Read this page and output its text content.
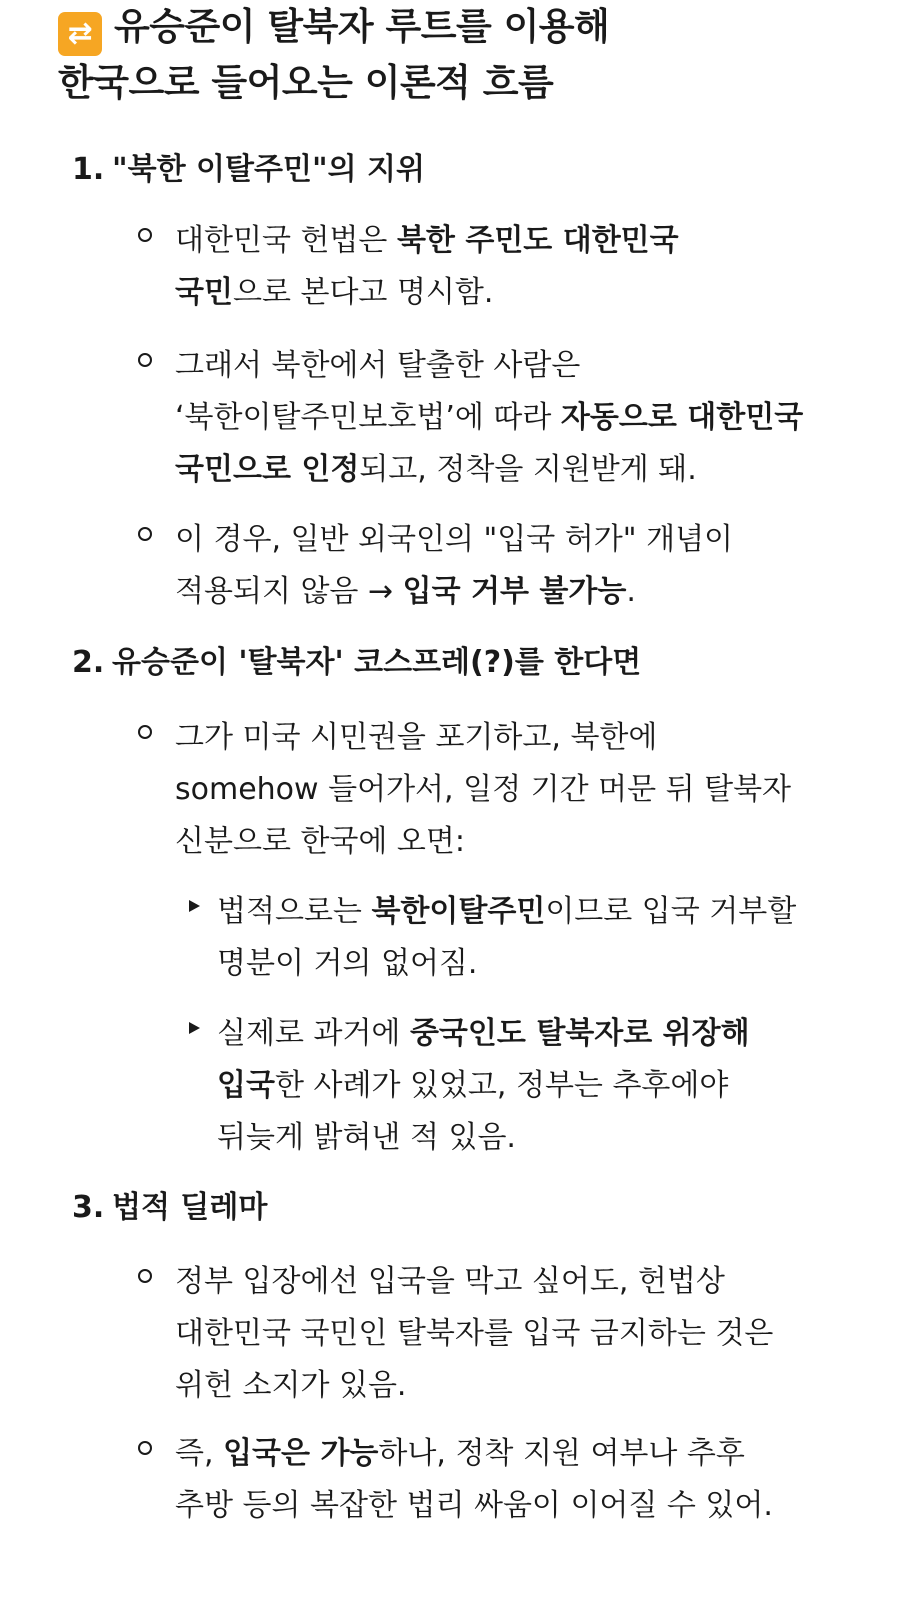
⇄ 유승준이 탈북자 루트를 이용해
한국으로 들어오는 이론적 흐름
1. "북한 이탈주민"의 지위
대한민국 헌법은 북한 주민도 대한민국
국민으로 본다고 명시함.
그래서 북한에서 탈출한 사람은
‘북한이탈주민보호법’에 따라 자동으로 대한민국
국민으로 인정되고, 정착을 지원받게 돼.
이 경우, 일반 외국인의 "입국 허가" 개념이
적용되지 않음 → 입국 거부 불가능.
2. 유승준이 '탈북자' 코스프레(?)를 한다면
그가 미국 시민권을 포기하고, 북한에
somehow 들어가서, 일정 기간 머문 뒤 탈북자
신분으로 한국에 오면:
법적으로는 북한이탈주민이므로 입국 거부할
명분이 거의 없어짐.
실제로 과거에 중국인도 탈북자로 위장해
입국한 사례가 있었고, 정부는 추후에야
뒤늦게 밝혀낸 적 있음.
3. 법적 딜레마
정부 입장에선 입국을 막고 싶어도, 헌법상
대한민국 국민인 탈북자를 입국 금지하는 것은
위헌 소지가 있음.
즉, 입국은 가능하나, 정착 지원 여부나 추후
추방 등의 복잡한 법리 싸움이 이어질 수 있어.
